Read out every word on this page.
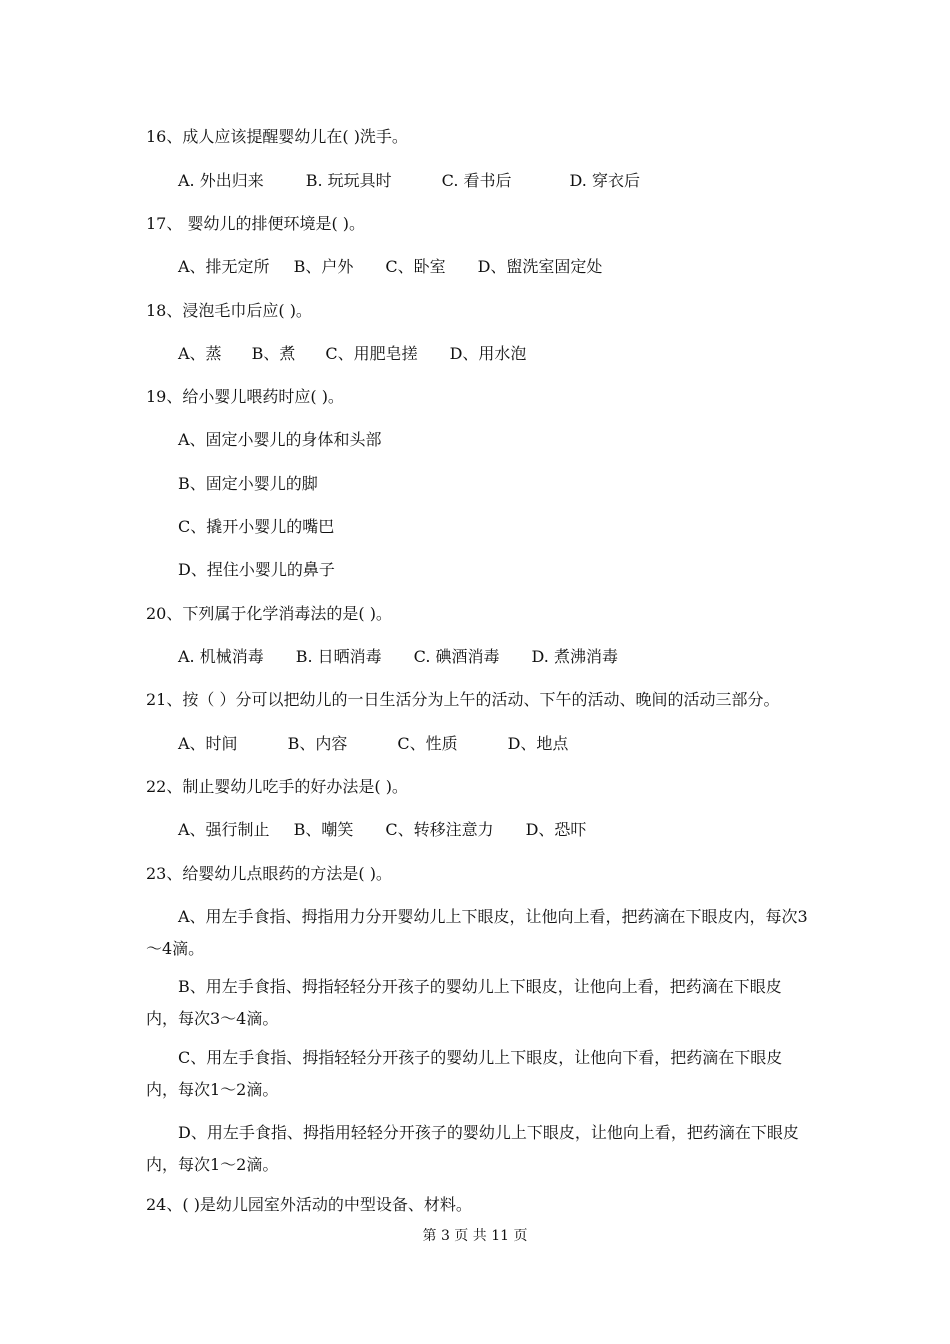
16、成人应该提醒婴幼儿在( )洗手。
A. 外出归来	B. 玩玩具时	C. 看书后	D. 穿衣后
17、 婴幼儿的排便环境是( )。
A、排无定所 B、户外 C、卧室 D、盥洗室固定处
18、浸泡毛巾后应( )。
A、蒸 B、煮 C、用肥皂搓 D、用水泡
19、给小婴儿喂药时应( )。
A、固定小婴儿的身体和头部
B、固定小婴儿的脚
C、撬开小婴儿的嘴巴
D、捏住小婴儿的鼻子
20、下列属于化学消毒法的是( )。
A. 机械消毒 B. 日晒消毒 C. 碘酒消毒 D. 煮沸消毒
21、按（ ）分可以把幼儿的一日生活分为上午的活动、下午的活动、晚间的活动三部分。
A、时间	B、内容	C、性质	D、地点
22、制止婴幼儿吃手的好办法是( )。
A、强行制止 B、嘲笑 C、转移注意力 D、恐吓
23、给婴幼儿点眼药的方法是( )。
A、用左手食指、拇指用力分开婴幼儿上下眼皮，让他向上看，把药滴在下眼皮内，每次3～4滴。
B、用左手食指、拇指轻轻分开孩子的婴幼儿上下眼皮，让他向上看，把药滴在下眼皮内，每次3～4滴。
C、用左手食指、拇指轻轻分开孩子的婴幼儿上下眼皮，让他向下看，把药滴在下眼皮内，每次1～2滴。
D、用左手食指、拇指用轻轻分开孩子的婴幼儿上下眼皮，让他向上看，把药滴在下眼皮内，每次1～2滴。
24、( )是幼儿园室外活动的中型设备、材料。
第 3 页 共 11 页
